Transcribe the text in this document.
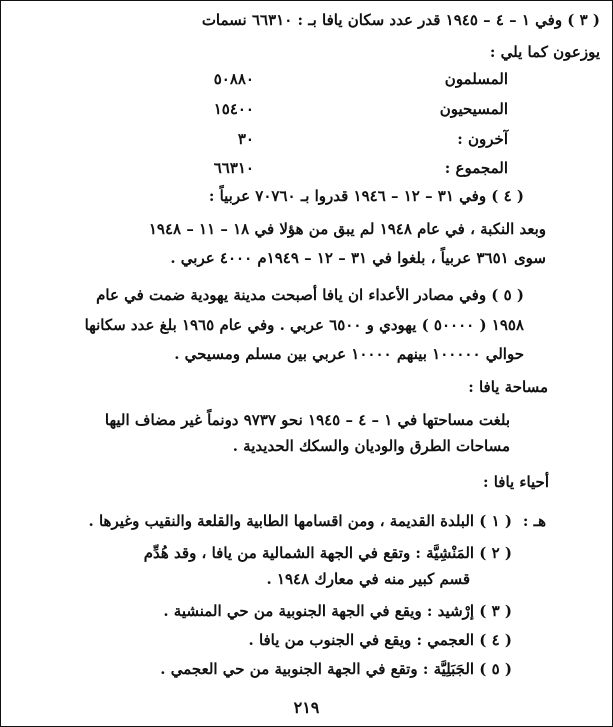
( ٣ ) وفي ١ – ٤ – ١٩٤٥ قدر عدد سكان يافا بـ : ٦٦٣١٠ نسمات
يوزعون كما يلي :
المسلمون
٥٠٨٨٠
المسيحيون
١٥٤٠٠
آخرون :
٣٠
المجموع :
٦٦٣١٠
( ٤ ) وفي ٣١ – ١٢ – ١٩٤٦ قدروا بـ ٧٠٧٦٠ عربياً :
وبعد النكبة ، في عام ١٩٤٨ لم يبق من هؤلا في ١٨ – ١١ – ١٩٤٨
سوى ٣٦٥١ عربياً ، بلغوا في ٣١ – ١٢ – ١٩٤٩م ٤٠٠٠ عربي .
( ٥ ) وفي مصادر الأعداء ان يافا أصبحت مدينة يهودية ضمت في عام
١٩٥٨ ( ٥٠٠٠٠ ) يهودي و ٦٥٠٠ عربي . وفي عام ١٩٦٥ بلغ عدد سكانها
حوالي ١٠٠٠٠٠ بينهم ١٠٠٠٠ عربي بين مسلم ومسيحي .
مساحة يافا :
بلغت مساحتها في ١ – ٤ – ١٩٤٥ نحو ٩٧٣٧ دونماً غير مضاف اليها
مساحات الطرق والوديان والسكك الحديدية .
أحياء يافا :
هـ :
( ١ ) البلدة القديمة ، ومن اقسامها الطابية والقلعة والنقيب وغيرها .
( ٢ ) المَنْشِيَّة : وتقع في الجهة الشمالية من يافا ، وقد هُدِّم
قسم كبير منه في معارك ١٩٤٨ .
( ٣ ) إرْشيد : ويقع في الجهة الجنوبية من حي المنشية .
( ٤ ) العجمي : ويقع في الجنوب من يافا .
( ٥ ) الجَبَلِيَّة : وتقع في الجهة الجنوبية من حي العجمي .
٢١٩
